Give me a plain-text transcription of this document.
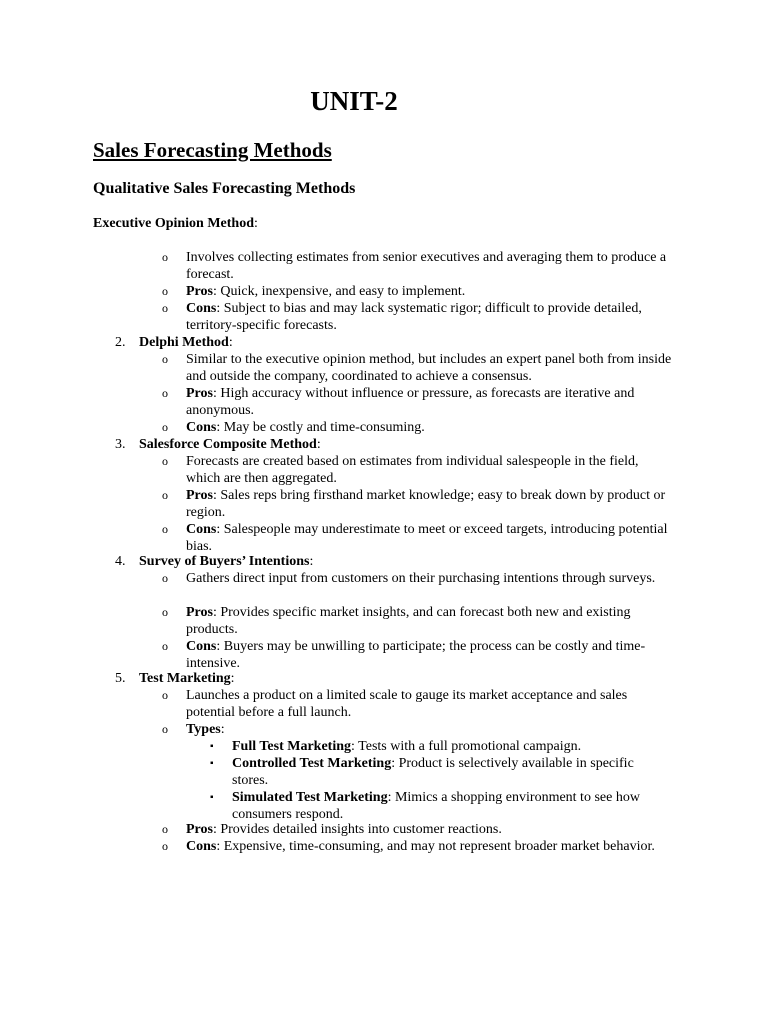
UNIT-2
Sales Forecasting Methods
Qualitative Sales Forecasting Methods
Executive Opinion Method:
o	Involves collecting estimates from senior executives and averaging them to produce a forecast.
o	Pros: Quick, inexpensive, and easy to implement.
o	Cons: Subject to bias and may lack systematic rigor; difficult to provide detailed, territory-specific forecasts.
2. Delphi Method:
o	Similar to the executive opinion method, but includes an expert panel both from inside and outside the company, coordinated to achieve a consensus.
o	Pros: High accuracy without influence or pressure, as forecasts are iterative and anonymous.
o	Cons: May be costly and time-consuming.
3. Salesforce Composite Method:
o	Forecasts are created based on estimates from individual salespeople in the field, which are then aggregated.
o	Pros: Sales reps bring firsthand market knowledge; easy to break down by product or region.
o	Cons: Salespeople may underestimate to meet or exceed targets, introducing potential bias.
4. Survey of Buyers’ Intentions:
o	Gathers direct input from customers on their purchasing intentions through surveys.
o	Pros: Provides specific market insights, and can forecast both new and existing products.
o	Cons: Buyers may be unwilling to participate; the process can be costly and time-intensive.
5. Test Marketing:
o	Launches a product on a limited scale to gauge its market acceptance and sales potential before a full launch.
o	Types:
▪ Full Test Marketing: Tests with a full promotional campaign.
▪ Controlled Test Marketing: Product is selectively available in specific stores.
▪ Simulated Test Marketing: Mimics a shopping environment to see how consumers respond.
o	Pros: Provides detailed insights into customer reactions.
o	Cons: Expensive, time-consuming, and may not represent broader market behavior.
